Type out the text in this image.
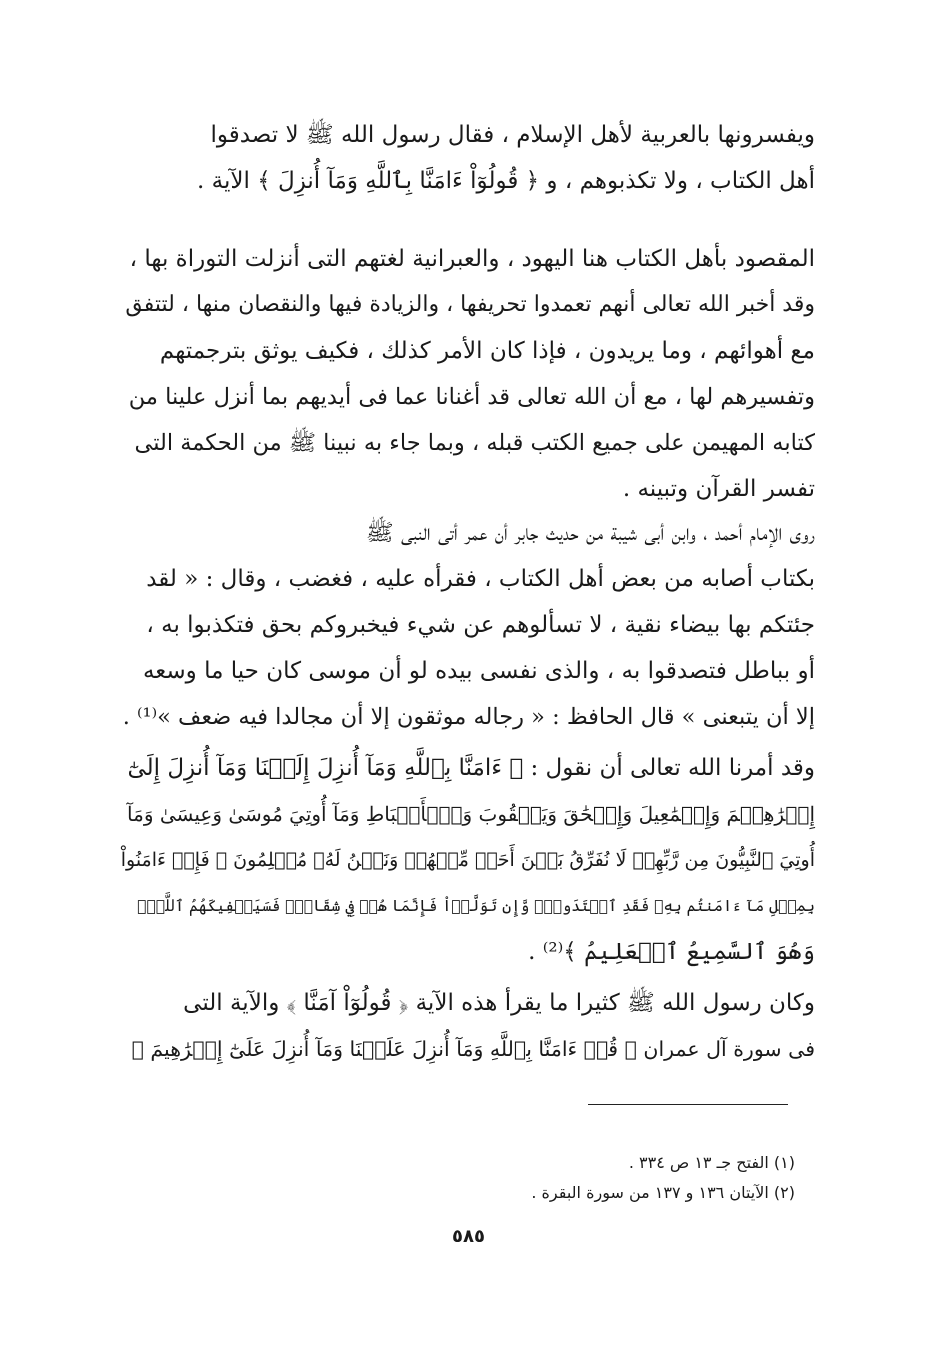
ويفسرونها بالعربية لأهل الإسلام ، فقال رسول الله ﷺ لا تصدقوا
أهل الكتاب ، ولا تكذبوهم ، و ﴿ قُولُوٓاْ ءَامَنَّا بِٱللَّهِ وَمَآ أُنزِلَ ﴾ الآية .
المقصود بأهل الكتاب هنا اليهود ، والعبرانية لغتهم التى أنزلت التوراة بها ،
وقد أخبر الله تعالى أنهم تعمدوا تحريفها ، والزيادة فيها والنقصان منها ، لتتفق
مع أهوائهم ، وما يريدون ، فإذا كان الأمر كذلك ، فكيف يوثق بترجمتهم
وتفسيرهم لها ، مع أن الله تعالى قد أغنانا عما فى أيديهم بما أنزل علينا من
كتابه المهيمن على جميع الكتب قبله ، وبما جاء به نبينا ﷺ من الحكمة التى
تفسر القرآن وتبينه .
روى الإمام أحمد ، وابن أبى شيبة من حديث جابر أن عمر أتى النبى ﷺ
بكتاب أصابه من بعض أهل الكتاب ، فقرأه عليه ، فغضب ، وقال : « لقد
جئتكم بها بيضاء نقية ، لا تسألوهم عن شيء فيخبروكم بحق فتكذبوا به ،
أو بباطل فتصدقوا به ، والذى نفسى بيده لو أن موسى كان حيا ما وسعه
إلا أن يتبعنى » قال الحافظ : « رجاله موثقون إلا أن مجالدا فيه ضعف »⁽¹⁾ .
وقد أمرنا الله تعالى أن نقول : ﴿ ءَامَنَّا بِٱللَّهِ وَمَآ أُنزِلَ إِلَيۡنَا وَمَآ أُنزِلَ إِلَىٰٓ
إِبۡرَٰهِـۧمَ وَإِسۡمَٰعِيلَ وَإِسۡحَٰقَ وَيَعۡقُوبَ وَٱلۡأَسۡبَاطِ وَمَآ أُوتِيَ مُوسَىٰ وَعِيسَىٰ وَمَآ
أُوتِيَ ٱلنَّبِيُّونَ مِن رَّبِّهِمۡ لَا نُفَرِّقُ بَيۡنَ أَحَدٖ مِّنۡهُمۡ وَنَحۡنُ لَهُۥ مُسۡلِمُونَ ۞ فَإِنۡ ءَامَنُواْ
بِمِثۡلِ مَآ ءَامَنتُم بِهِۦ فَقَدِ ٱهۡتَدَواْۖ وَّإِن تَوَلَّوۡاْ فَإِنَّمَا هُمۡ فِي شِقَاقٖۖ فَسَيَكۡفِيكَهُمُ ٱللَّهُۚ
وَهُوَ ٱلسَّمِيعُ ٱلۡعَلِيمُ ﴾⁽²⁾ .
وكان رسول الله ﷺ كثيرا ما يقرأ هذه الآية ﴿ قُولُوٓاْ آمَنَّا ﴾ والآية التى
فى سورة آل عمران ﴿ قُلۡ ءَامَنَّا بِٱللَّهِ وَمَآ أُنزِلَ عَلَيۡنَا وَمَآ أُنزِلَ عَلَىٰٓ إِبۡرَٰهِيمَ ﴾
(١) الفتح جـ ١٣ ص ٣٣٤ .
(٢) الآيتان ١٣٦ و ١٣٧ من سورة البقرة .
٥٨٥
